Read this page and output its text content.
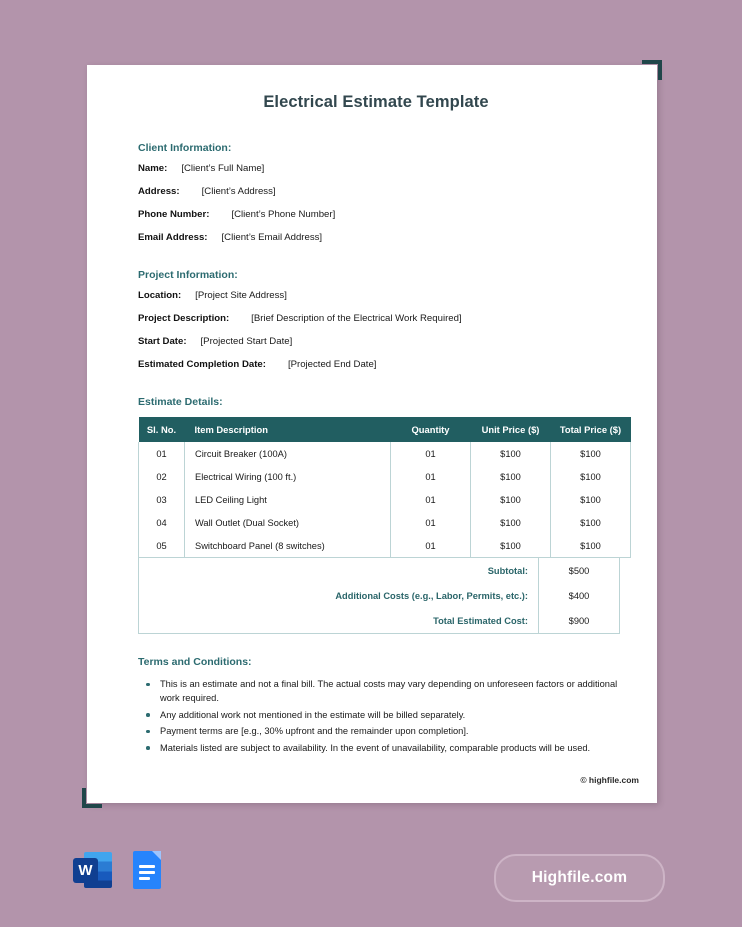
Electrical Estimate Template
Client Information:
Name: [Client’s Full Name]
Address: [Client’s Address]
Phone Number: [Client’s Phone Number]
Email Address: [Client’s Email Address]
Project Information:
Location: [Project Site Address]
Project Description: [Brief Description of the Electrical Work Required]
Start Date: [Projected Start Date]
Estimated Completion Date: [Projected End Date]
Estimate Details:
Sl. No.	Item Description	Quantity	Unit Price ($)	Total Price ($)
01	Circuit Breaker (100A)	01	$100	$100
02	Electrical Wiring (100 ft.)	01	$100	$100
03	LED Ceiling Light	01	$100	$100
04	Wall Outlet (Dual Socket)	01	$100	$100
05	Switchboard Panel (8 switches)	01	$100	$100
Subtotal:	$500
Additional Costs (e.g., Labor, Permits, etc.):	$400
Total Estimated Cost:	$900
Terms and Conditions:
This is an estimate and not a final bill. The actual costs may vary depending on unforeseen factors or additional work required.
Any additional work not mentioned in the estimate will be billed separately.
Payment terms are [e.g., 30% upfront and the remainder upon completion].
Materials listed are subject to availability. In the event of unavailability, comparable products will be used.
© highfile.com
W	Highfile.com
